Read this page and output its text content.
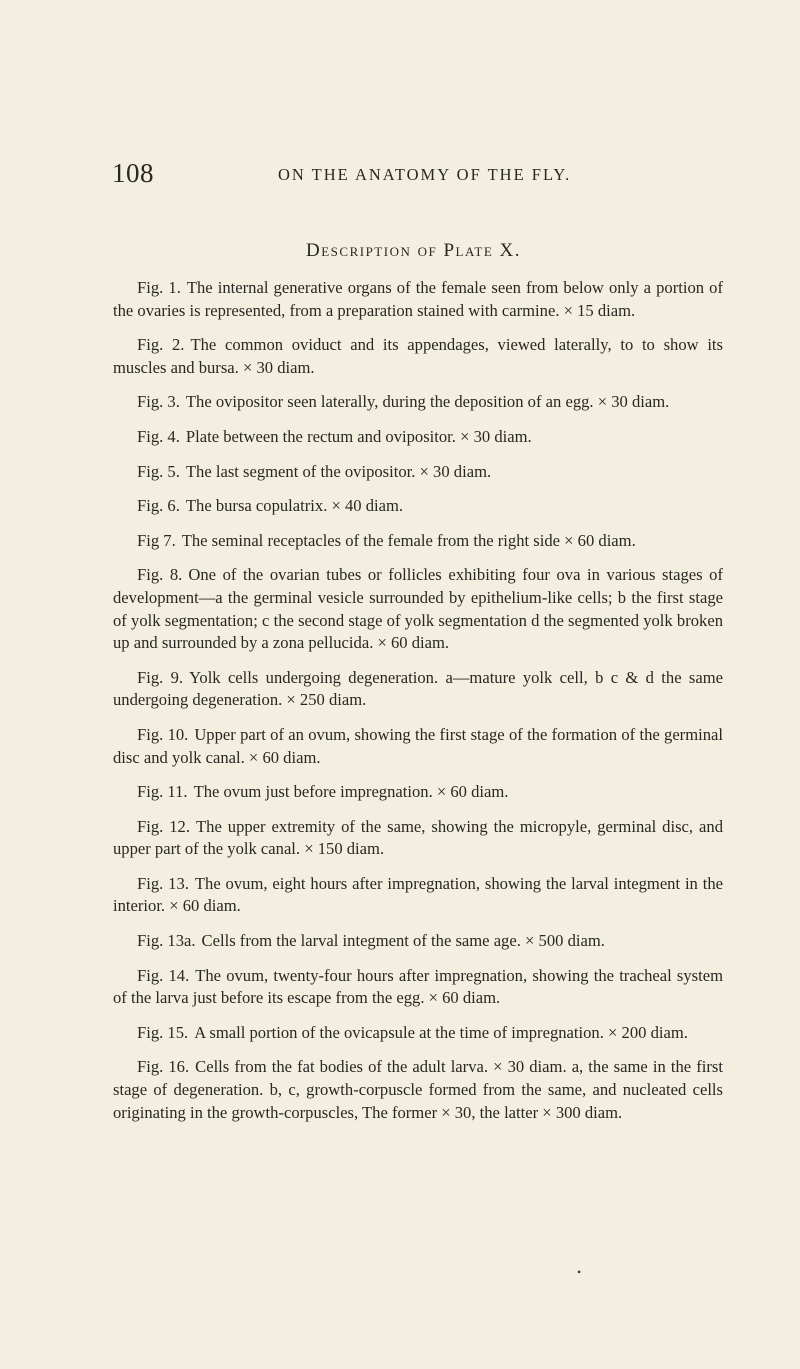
108	ON THE ANATOMY OF THE FLY.
Description of Plate X.

Fig. 1. The internal generative organs of the female seen from below only a portion of the ovaries is represented, from a preparation stained with carmine. × 15 diam.

Fig. 2. The common oviduct and its appendages, viewed laterally, to to show its muscles and bursa. × 30 diam.

Fig. 3. The ovipositor seen laterally, during the deposition of an egg. × 30 diam.

Fig. 4. Plate between the rectum and ovipositor. × 30 diam.

Fig. 5. The last segment of the ovipositor. × 30 diam.

Fig. 6. The bursa copulatrix. × 40 diam.

Fig 7. The seminal receptacles of the female from the right side × 60 diam.

Fig. 8. One of the ovarian tubes or follicles exhibiting four ova in various stages of development—a the germinal vesicle surrounded by epithelium-like cells; b the first stage of yolk segmentation; c the second stage of yolk segmentation d the segmented yolk broken up and surrounded by a zona pellucida. × 60 diam.

Fig. 9. Yolk cells undergoing degeneration. a—mature yolk cell, b c & d the same undergoing degeneration. × 250 diam.

Fig. 10. Upper part of an ovum, showing the first stage of the formation of the germinal disc and yolk canal. × 60 diam.

Fig. 11. The ovum just before impregnation. × 60 diam.

Fig. 12. The upper extremity of the same, showing the micropyle, germinal disc, and upper part of the yolk canal. × 150 diam.

Fig. 13. The ovum, eight hours after impregnation, showing the larval integment in the interior. × 60 diam.

Fig. 13a. Cells from the larval integment of the same age. × 500 diam.

Fig. 14. The ovum, twenty-four hours after impregnation, showing the tracheal system of the larva just before its escape from the egg. × 60 diam.

Fig. 15. A small portion of the ovicapsule at the time of impregnation. × 200 diam.

Fig. 16. Cells from the fat bodies of the adult larva. × 30 diam. a, the same in the first stage of degeneration. b, c, growth-corpuscle formed from the same, and nucleated cells originating in the growth-corpuscles, The former × 30, the latter × 300 diam.

•
